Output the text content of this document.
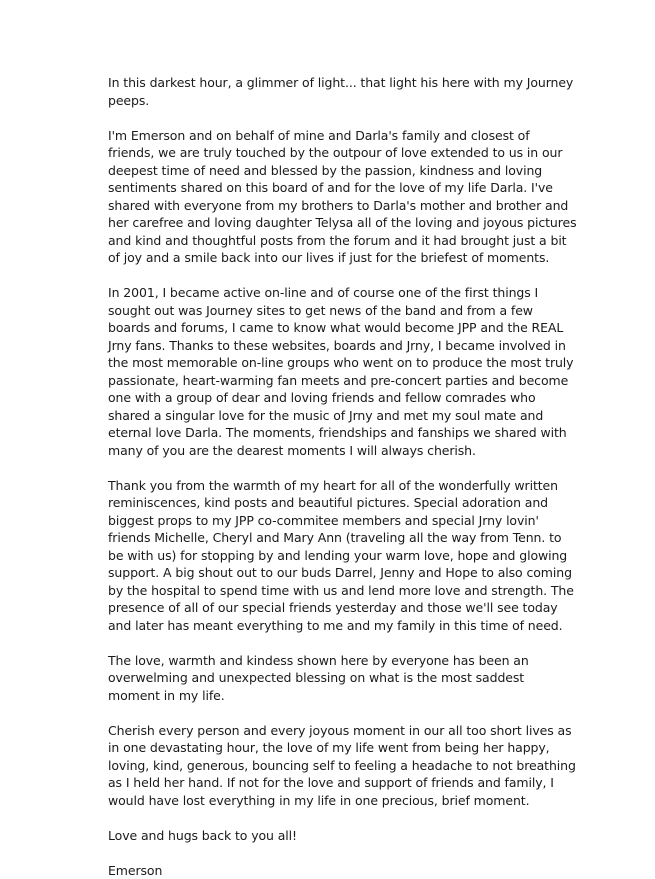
In this darkest hour, a glimmer of light... that light his here with my Journey peeps.

I'm Emerson and on behalf of mine and Darla's family and closest of friends, we are truly touched by the outpour of love extended to us in our deepest time of need and blessed by the passion, kindness and loving sentiments shared on this board of and for the love of my life Darla. I've shared with everyone from my brothers to Darla's mother and brother and her carefree and loving daughter Telysa all of the loving and joyous pictures and kind and thoughtful posts from the forum and it had brought just a bit of joy and a smile back into our lives if just for the briefest of moments.

In 2001, I became active on-line and of course one of the first things I sought out was Journey sites to get news of the band and from a few boards and forums, I came to know what would become JPP and the REAL Jrny fans. Thanks to these websites, boards and Jrny, I became involved in the most memorable on-line groups who went on to produce the most truly passionate, heart-warming fan meets and pre-concert parties and become one with a group of dear and loving friends and fellow comrades who shared a singular love for the music of Jrny and met my soul mate and eternal love Darla. The moments, friendships and fanships we shared with many of you are the dearest moments I will always cherish.

Thank you from the warmth of my heart for all of the wonderfully written reminiscences, kind posts and beautiful pictures. Special adoration and biggest props to my JPP co-commitee members and special Jrny lovin' friends Michelle, Cheryl and Mary Ann (traveling all the way from Tenn. to be with us) for stopping by and lending your warm love, hope and glowing support. A big shout out to our buds Darrel, Jenny and Hope to also coming by the hospital to spend time with us and lend more love and strength. The presence of all of our special friends yesterday and those we'll see today and later has meant everything to me and my family in this time of need.

The love, warmth and kindess shown here by everyone has been an overwelming and unexpected blessing on what is the most saddest moment in my life.

Cherish every person and every joyous moment in our all too short lives as in one devastating hour, the love of my life went from being her happy, loving, kind, generous, bouncing self to feeling a headache to not breathing as I held her hand. If not for the love and support of friends and family, I would have lost everything in my life in one precious, brief moment.

Love and hugs back to you all!

Emerson
